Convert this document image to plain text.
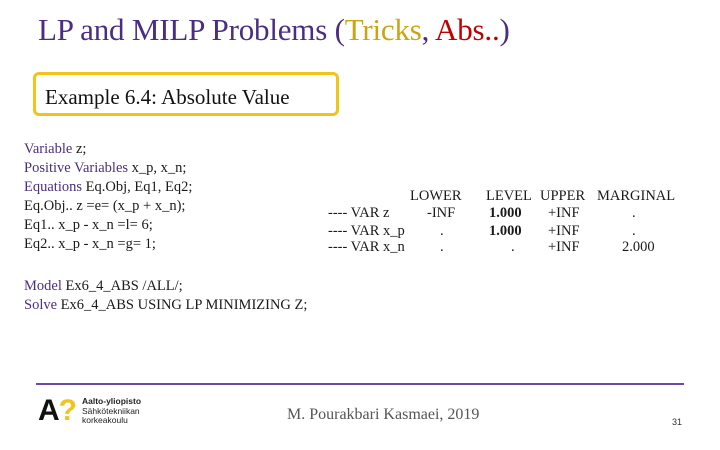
LP and MILP Problems (Tricks, Abs..)
Example 6.4: Absolute Value
Variable z;
Positive Variables x_p, x_n;
Equations Eq.Obj, Eq1, Eq2;
Eq.Obj.. z =e= (x_p + x_n);
Eq1.. x_p - x_n =l= 6;
Eq2.. x_p - x_n =g= 1;
Model Ex6_4_ABS /ALL/;
Solve Ex6_4_ABS USING LP MINIMIZING Z;
LOWER LEVEL UPPER MARGINAL
---- VAR z	-INF 1.000 +INF	.
---- VAR x_p .	1.000 +INF	.
---- VAR x_n .	. +INF	2.000
A? Aalto-yliopisto
Sähkötekniikan
korkeakoulu	M. Pourakbari Kasmaei, 2019	31
